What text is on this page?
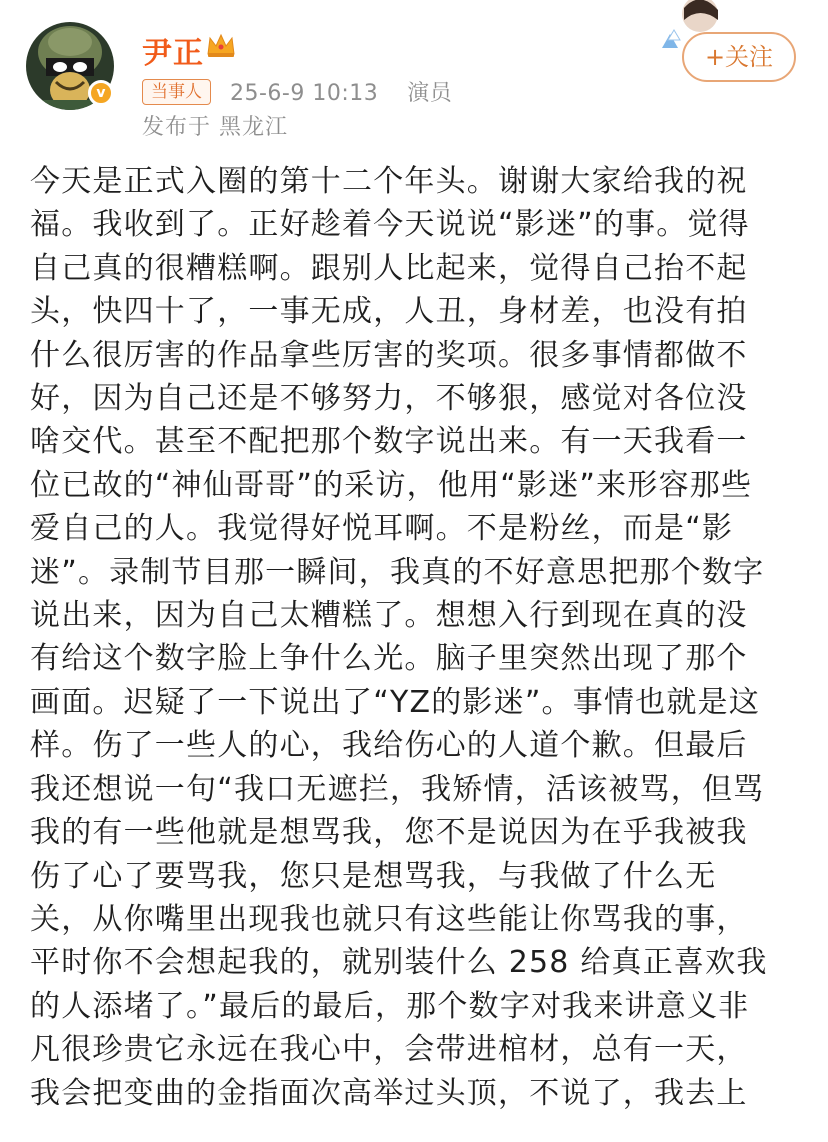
v
尹正
当事人	25-6-9 10:13 演员
发布于 黑龙江
+关注

今天是正式入圈的第十二个年头。谢谢大家给我的祝

福。我收到了。正好趁着今天说说“影迷”的事。觉得

自己真的很糟糕啊。跟别人比起来，觉得自己抬不起

头，快四十了，一事无成，人丑，身材差，也没有拍

什么很厉害的作品拿些厉害的奖项。很多事情都做不

好，因为自己还是不够努力，不够狠，感觉对各位没

啥交代。甚至不配把那个数字说出来。有一天我看一

位已故的“神仙哥哥”的采访，他用“影迷”来形容那些

爱自己的人。我觉得好悦耳啊。不是粉丝，而是“影

迷”。录制节目那一瞬间，我真的不好意思把那个数字

说出来，因为自己太糟糕了。想想入行到现在真的没

有给这个数字脸上争什么光。脑子里突然出现了那个

画面。迟疑了一下说出了“YZ的影迷”。事情也就是这

样。伤了一些人的心，我给伤心的人道个歉。但最后

我还想说一句“我口无遮拦，我矫情，活该被骂，但骂

我的有一些他就是想骂我，您不是说因为在乎我被我

伤了心了要骂我，您只是想骂我，与我做了什么无

关，从你嘴里出现我也就只有这些能让你骂我的事，

平时你不会想起我的，就别装什么 258 给真正喜欢我

的人添堵了。”最后的最后，那个数字对我来讲意义非

凡很珍贵它永远在我心中，会带进棺材，总有一天，

我会把变曲的金指面次高举过头顶，不说了，我去上
